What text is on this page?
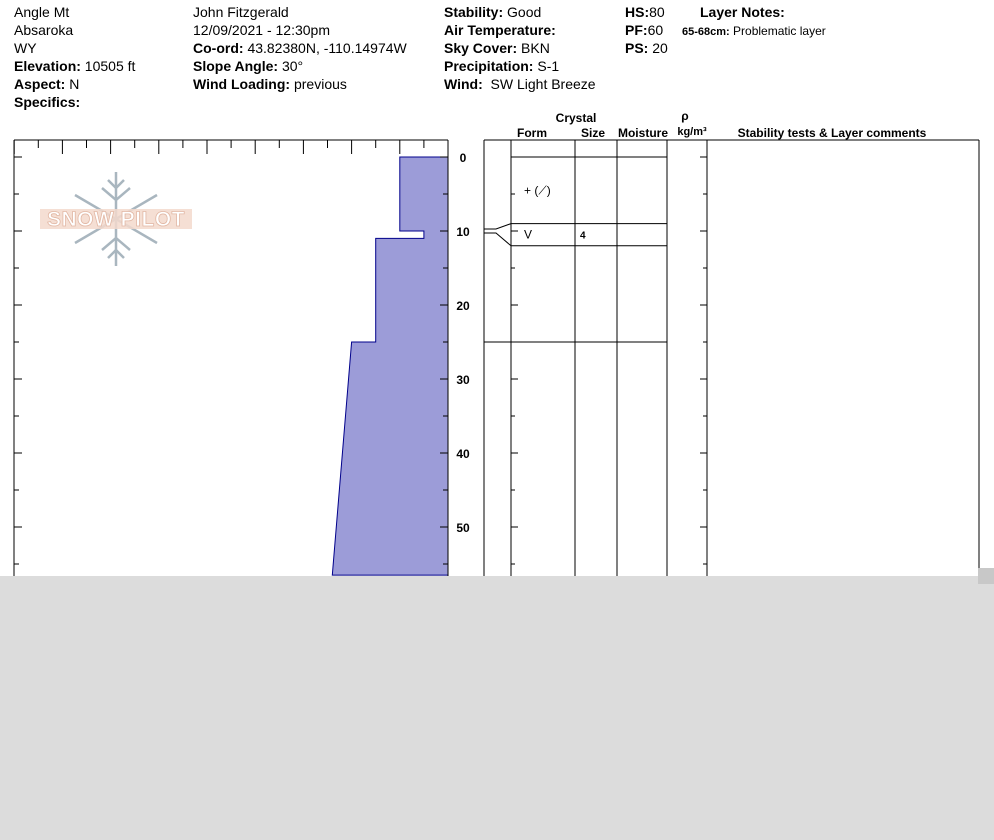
Angle Mt
Absaroka
WY
Elevation: 10505 ft
Aspect: N
Specifics:
John Fitzgerald
12/09/2021 - 12:30pm
Co-ord: 43.82380N, -110.14974W
Slope Angle: 30°
Wind Loading: previous
Stability: Good
Air Temperature:
Sky Cover: BKN
Precipitation: S-1
Wind: SW Light Breeze
HS:80
PF:60
PS: 20
Layer Notes:
65-68cm: Problematic layer
SNOW PILOT
0
10
20
30
40
50
Crystal
Form	Size Moisture
ρ
kg/m³	Stability tests & Layer comments
+ (⟋)
V	4
